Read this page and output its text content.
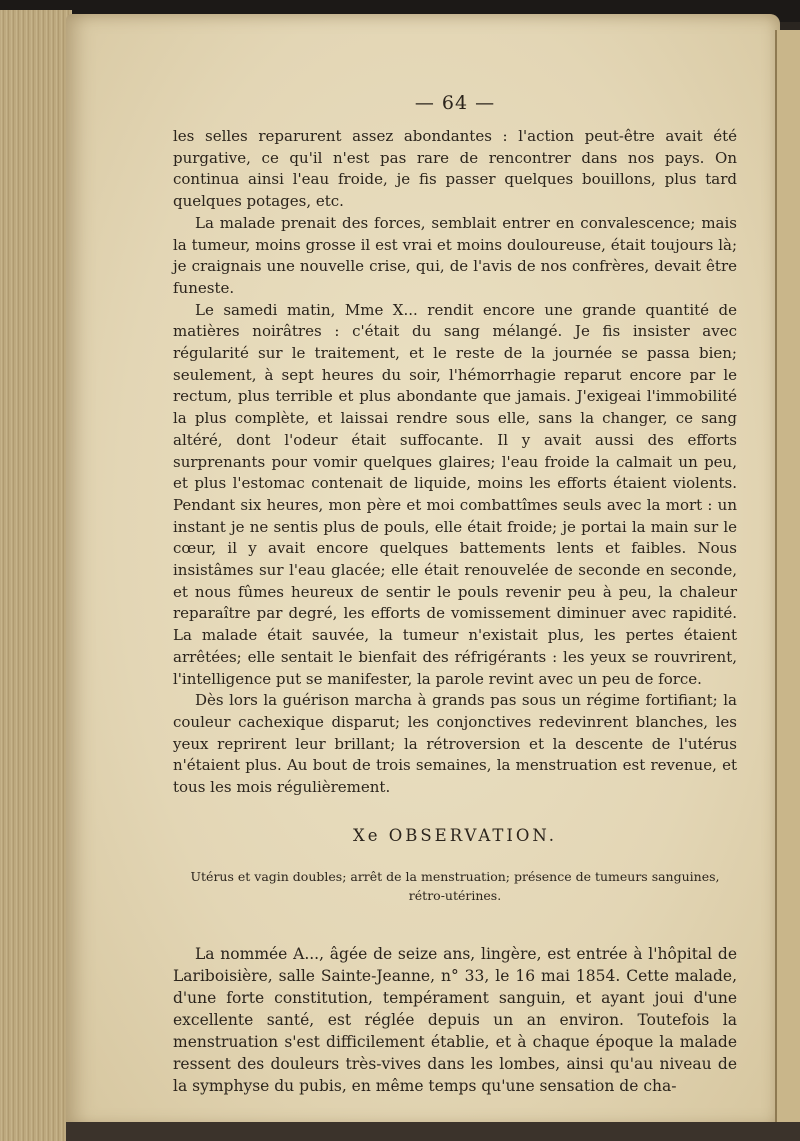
— 64 —

les selles reparurent assez abondantes : l'action peut-être avait été purgative, ce qu'il n'est pas rare de rencontrer dans nos pays. On continua ainsi l'eau froide, je fis passer quelques bouillons, plus tard quelques potages, etc.

La malade prenait des forces, semblait entrer en convalescence; mais la tumeur, moins grosse il est vrai et moins douloureuse, était toujours là; je craignais une nouvelle crise, qui, de l'avis de nos confrères, devait être funeste.

Le samedi matin, Mme X... rendit encore une grande quantité de matières noirâtres : c'était du sang mélangé. Je fis insister avec régularité sur le traitement, et le reste de la journée se passa bien; seulement, à sept heures du soir, l'hémorrhagie reparut encore par le rectum, plus terrible et plus abondante que jamais. J'exigeai l'immobilité la plus complète, et laissai rendre sous elle, sans la changer, ce sang altéré, dont l'odeur était suffocante. Il y avait aussi des efforts surprenants pour vomir quelques glaires; l'eau froide la calmait un peu, et plus l'estomac contenait de liquide, moins les efforts étaient violents. Pendant six heures, mon père et moi combattîmes seuls avec la mort : un instant je ne sentis plus de pouls, elle était froide; je portai la main sur le cœur, il y avait encore quelques battements lents et faibles. Nous insistâmes sur l'eau glacée; elle était renouvelée de seconde en seconde, et nous fûmes heureux de sentir le pouls revenir peu à peu, la chaleur reparaître par degré, les efforts de vomissement diminuer avec rapidité. La malade était sauvée, la tumeur n'existait plus, les pertes étaient arrêtées; elle sentait le bienfait des réfrigérants : les yeux se rouvrirent, l'intelligence put se manifester, la parole revint avec un peu de force.

Dès lors la guérison marcha à grands pas sous un régime fortifiant; la couleur cachexique disparut; les conjonctives redevinrent blanches, les yeux reprirent leur brillant; la rétroversion et la descente de l'utérus n'étaient plus. Au bout de trois semaines, la menstruation est revenue, et tous les mois régulièrement.

Xe OBSERVATION.
Utérus et vagin doubles; arrêt de la menstruation; présence de tumeurs sanguines, rétro-utérines.

La nommée A..., âgée de seize ans, lingère, est entrée à l'hôpital de Lariboisière, salle Sainte-Jeanne, n° 33, le 16 mai 1854. Cette malade, d'une forte constitution, tempérament sanguin, et ayant joui d'une excellente santé, est réglée depuis un an environ. Toutefois la menstruation s'est difficilement établie, et à chaque époque la malade ressent des douleurs très-vives dans les lombes, ainsi qu'au niveau de la symphyse du pubis, en même temps qu'une sensation de cha-
